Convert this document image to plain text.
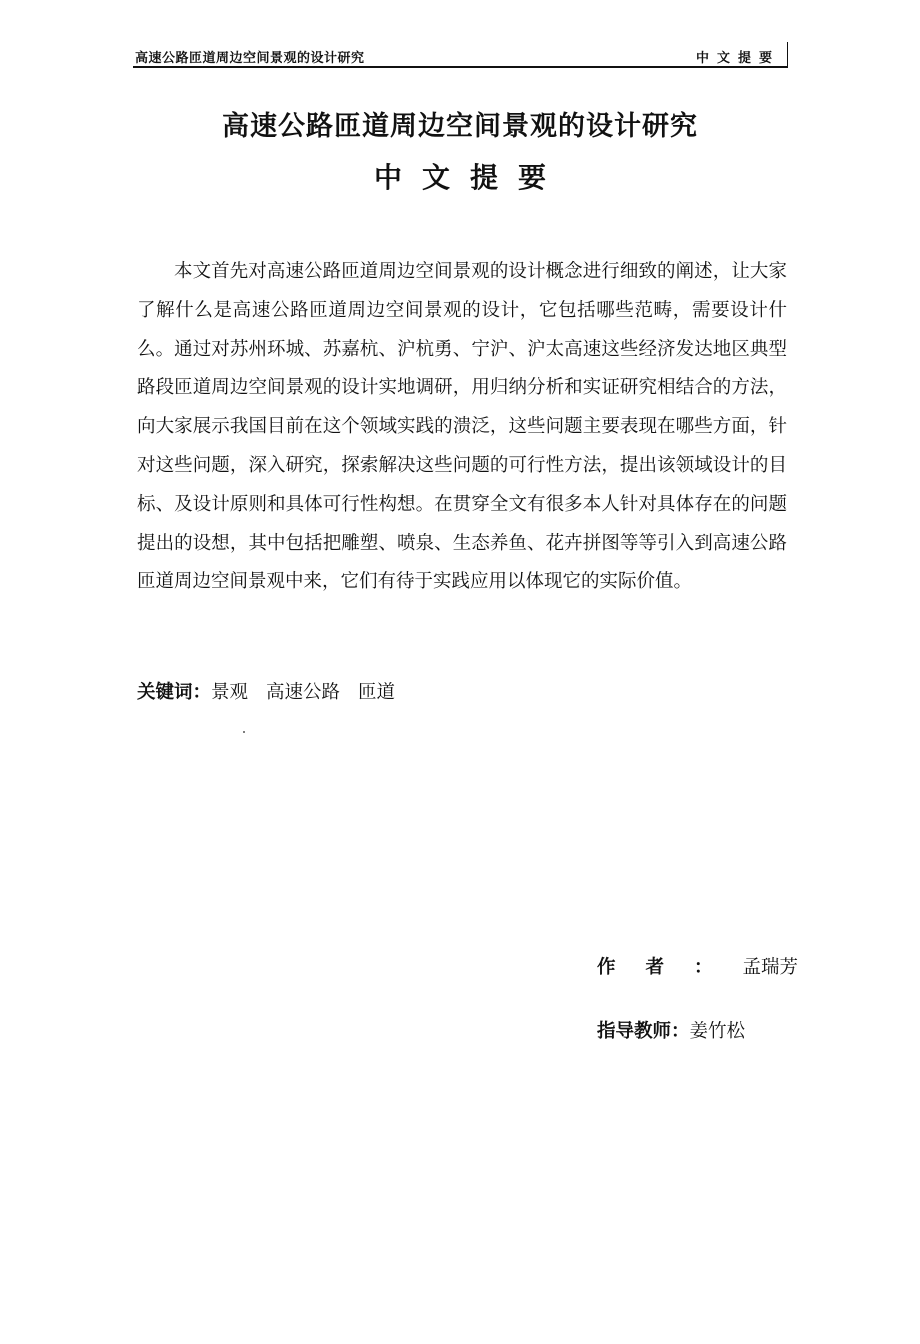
高速公路匝道周边空间景观的设计研究	中文提要
高速公路匝道周边空间景观的设计研究
中文提要

本文首先对高速公路匝道周边空间景观的设计概念进行细致的阐述，让大家了解什么是高速公路匝道周边空间景观的设计，它包括哪些范畴，需要设计什么。通过对苏州环城、苏嘉杭、沪杭勇、宁沪、沪太高速这些经济发达地区典型路段匝道周边空间景观的设计实地调研，用归纳分析和实证研究相结合的方法，向大家展示我国目前在这个领域实践的溃泛，这些问题主要表现在哪些方面，针对这些问题，深入研究，探索解决这些问题的可行性方法，提出该领域设计的目标、及设计原则和具体可行性构想。在贯穿全文有很多本人针对具体存在的问题提出的设想，其中包括把雕塑、喷泉、生态养鱼、花卉拼图等等引入到高速公路匝道周边空间景观中来，它们有待于实践应用以体现它的实际价值。

关键词：景观 高速公路 匝道
作者：孟瑞芳
指导教师：姜竹松
